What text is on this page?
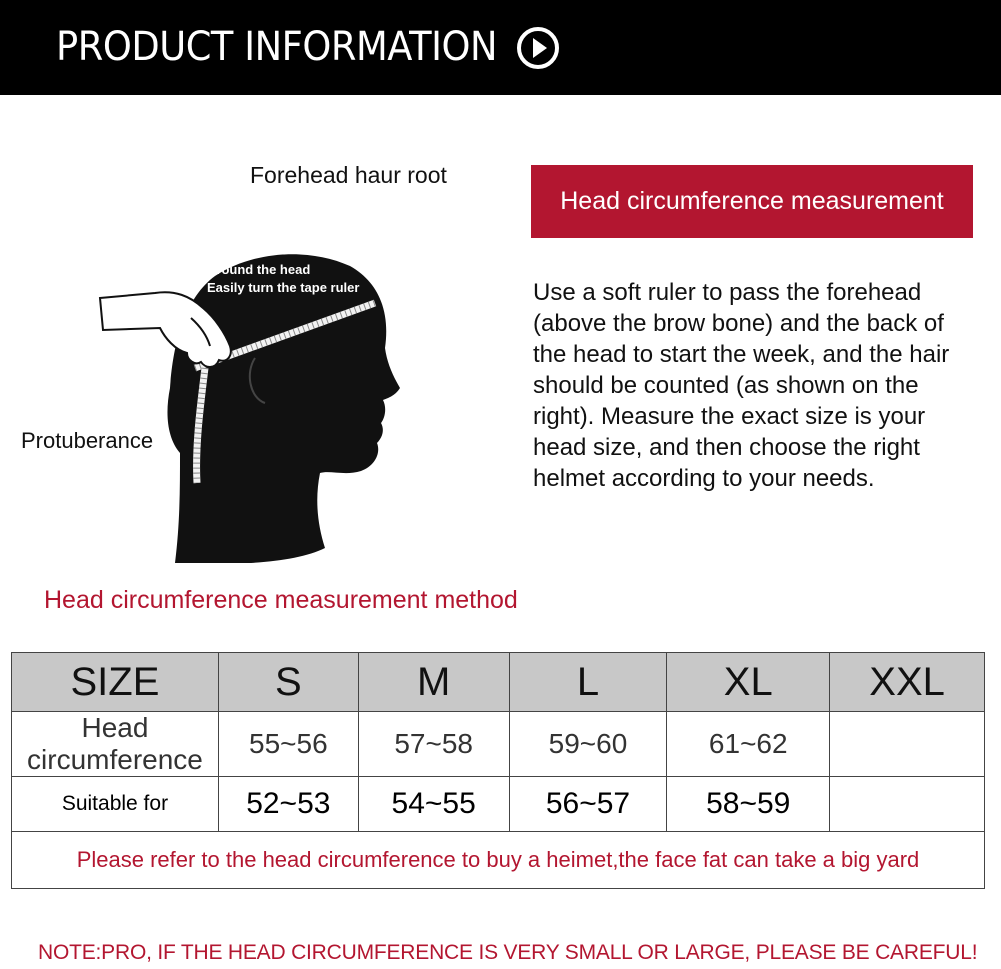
PRODUCT INFORMATION
Forehead haur root
Around the head
Easily turn the tape ruler
Protuberance
Head circumference measurement
Use a soft ruler to pass the forehead (above the brow bone) and the back of the head to start the week, and the hair should be counted (as shown on the right). Measure the exact size is your head size, and then choose the right helmet according to your needs.
Head circumference measurement method
SIZE	S	M	L	XL	XXL
Head circumference	55~56	57~58	59~60	61~62	
Suitable for	52~53	54~55	56~57	58~59	
Please refer to the head circumference to buy a heimet,the face fat can take a big yard					
NOTE:PRO, IF THE HEAD CIRCUMFERENCE IS VERY SMALL OR LARGE, PLEASE BE CAREFUL!
